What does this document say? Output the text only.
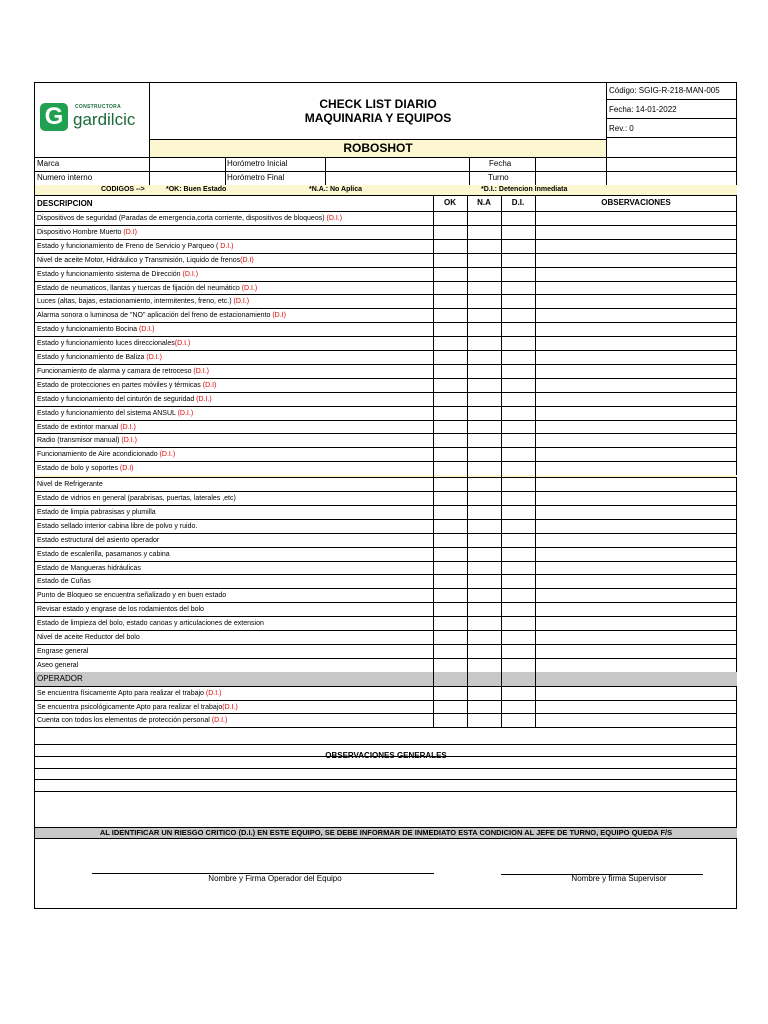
G	CONSTRUCTORA
gardilcic
CHECK LIST DIARIO
MAQUINARIA Y EQUIPOS
Código: SGIG-R-218-MAN-005
Fecha: 14-01-2022
Rev.: 0
ROBOSHOT
Marca	Horómetro Inicial	Fecha
Numero interno	Horómetro Final	Turno
CODIGOS -->	*OK: Buen Estado	*N.A.: No Aplica	*D.I.: Detencion Inmediata
DESCRIPCION	OK	N.A	D.I.	OBSERVACIONES
Dispositivos de seguridad (Paradas de emergencia,corta corriente, dispositivos de bloqueos) (D.I.)
Dispositivo Hombre Muerto (D.I)
Estado y funcionamiento de Freno de Servicio y Parqueo ( D.I.)
Nivel de aceite Motor, Hidráulico y Transmisión, Liquido de frenos(D.I)
Estado y funcionamiento sistema de Dirección (D.I.)
Estado de neumaticos, llantas y tuercas de fijación del neumático (D.I.)
Luces (altas, bajas, estacionamiento, intermitentes, freno, etc.) (D.I.)
Alarma sonora o luminosa de "NO" aplicación del freno de estacionamiento (D.I)
Estado y funcionamiento Bocina (D.I.)
Estado y funcionamiento luces direccionales(D.I.)
Estado y funcionamiento de Baliza (D.I.)
Funcionamiento de alarma y camara de retroceso (D.I.)
Estado de protecciones en partes móviles y térmicas (D.I)
Estado y funcionamiento del cinturón de seguridad (D.I.)
Estado y funcionamiento del sistema ANSUL (D.I.)
Estado de extintor manual (D.I.)
Radio (transmisor manual) (D.I.)
Funcionamiento de Aire acondicionado (D.I.)
Estado de bolo y soportes (D.I)
Nivel de Refrigerante
Estado de vidrios en general (parabrisas, puertas, laterales ,etc)
Estado de limpia pabrasisas y plumilla
Estado sellado interior cabina libre de polvo y ruido.
Estado estructural del asiento operador
Estado de escalerilla, pasamanos y cabina
Estado de Mangueras hidráulicas
Estado de Cuñas
Punto de Bloqueo se encuentra señalizado y en buen estado
Revisar estado y engrase de los rodamientos del bolo
Estado de limpieza del bolo, estado canoas y articulaciones de extension
Nivel de aceite Reductor del bolo
Engrase general
Aseo general
OPERADOR
Se encuentra físicamente Apto para realizar el trabajo (D.I.)
Se encuentra psicológicamente Apto para realizar el trabajo(D.I.)
Cuenta con todos los elementos de protección personal (D.I.)
OBSERVACIONES GENERALES
AL IDENTIFICAR UN RIESGO CRITICO (D.I.) EN ESTE EQUIPO, SE DEBE INFORMAR DE INMEDIATO ESTA CONDICION AL JEFE DE TURNO, EQUIPO QUEDA F/S
Nombre y Firma Operador del Equipo	Nombre y firma Supervisor
